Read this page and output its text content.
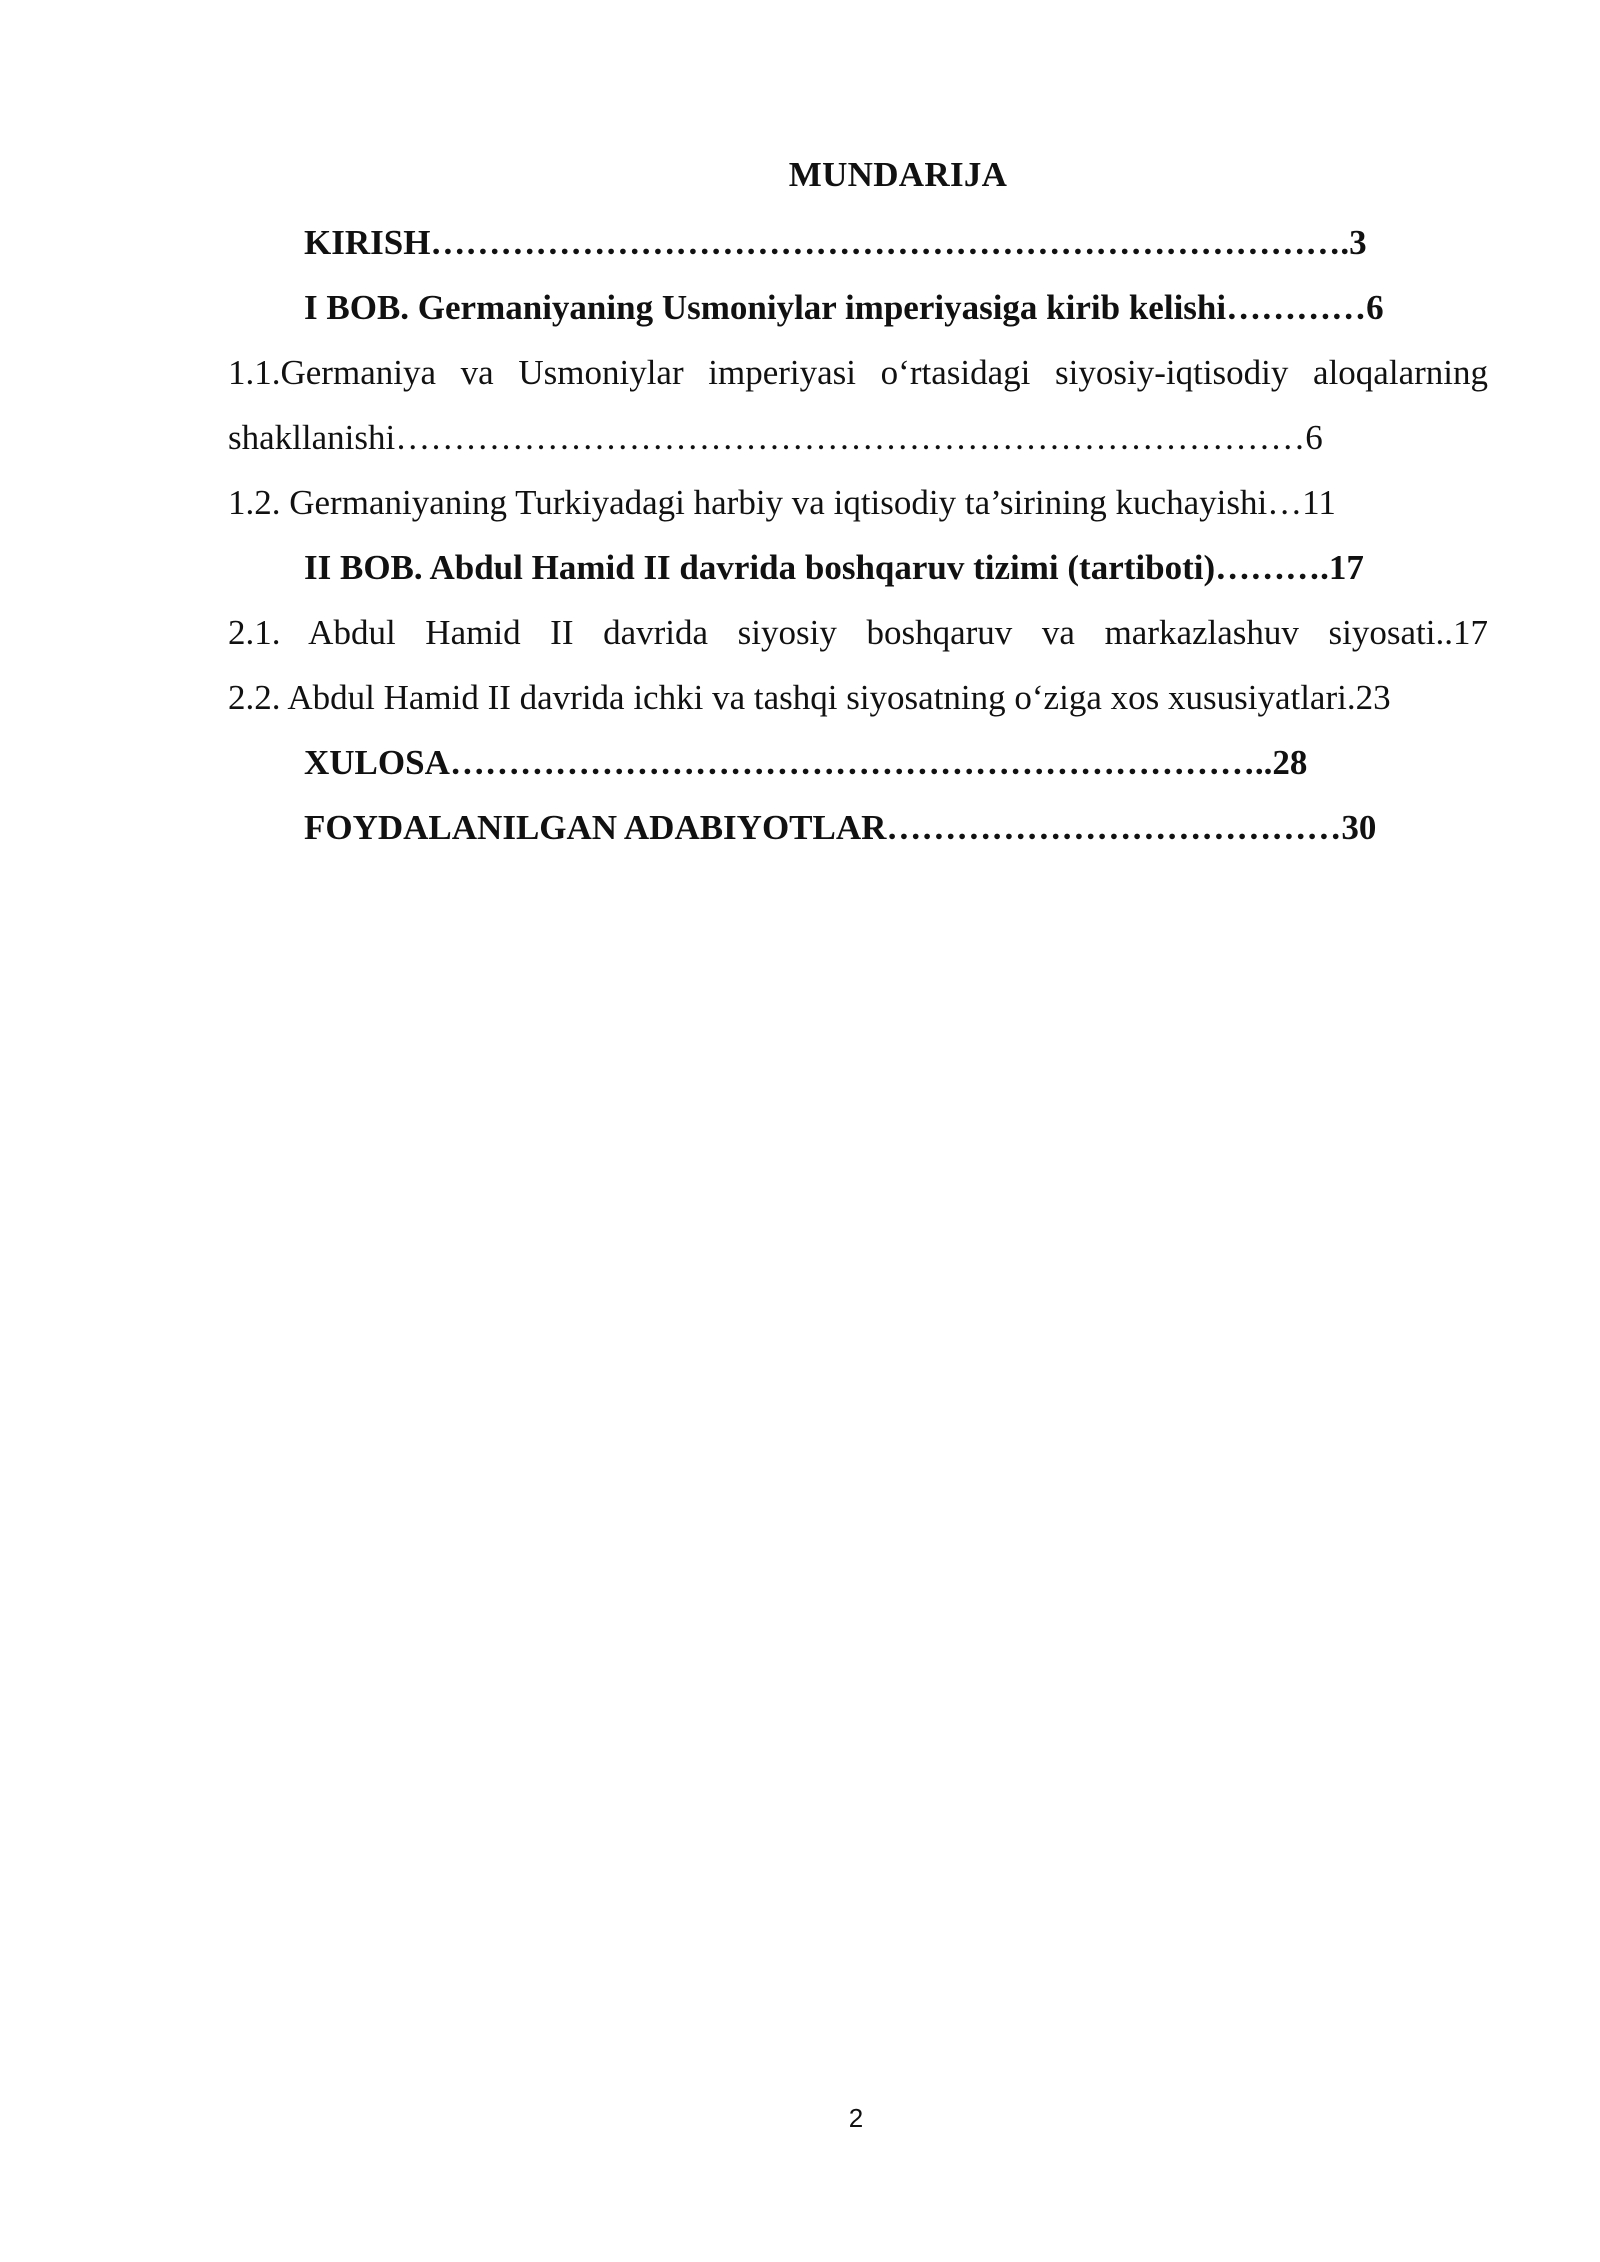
MUNDARIJA
KIRISH…………………………………………………………………….3
I BOB. Germaniyaning Usmoniylar imperiyasiga kirib kelishi…………6
1.1.Germaniya va Usmoniylar imperiyasi o‘rtasidagi siyosiy-iqtisodiy aloqalarning
shakllanishi……………………………………………………………………6
1.2. Germaniyaning Turkiyadagi harbiy va iqtisodiy ta’sirining kuchayishi…11
II BOB. Abdul Hamid II davrida boshqaruv tizimi (tartiboti)……….17
2.1. Abdul Hamid II davrida siyosiy boshqaruv va markazlashuv siyosati..17
2.2. Abdul Hamid II davrida ichki va tashqi siyosatning o‘ziga xos xususiyatlari.23
XULOSA……………………………………………………………..28
FOYDALANILGAN ADABIYOTLAR…………………………………30
2
